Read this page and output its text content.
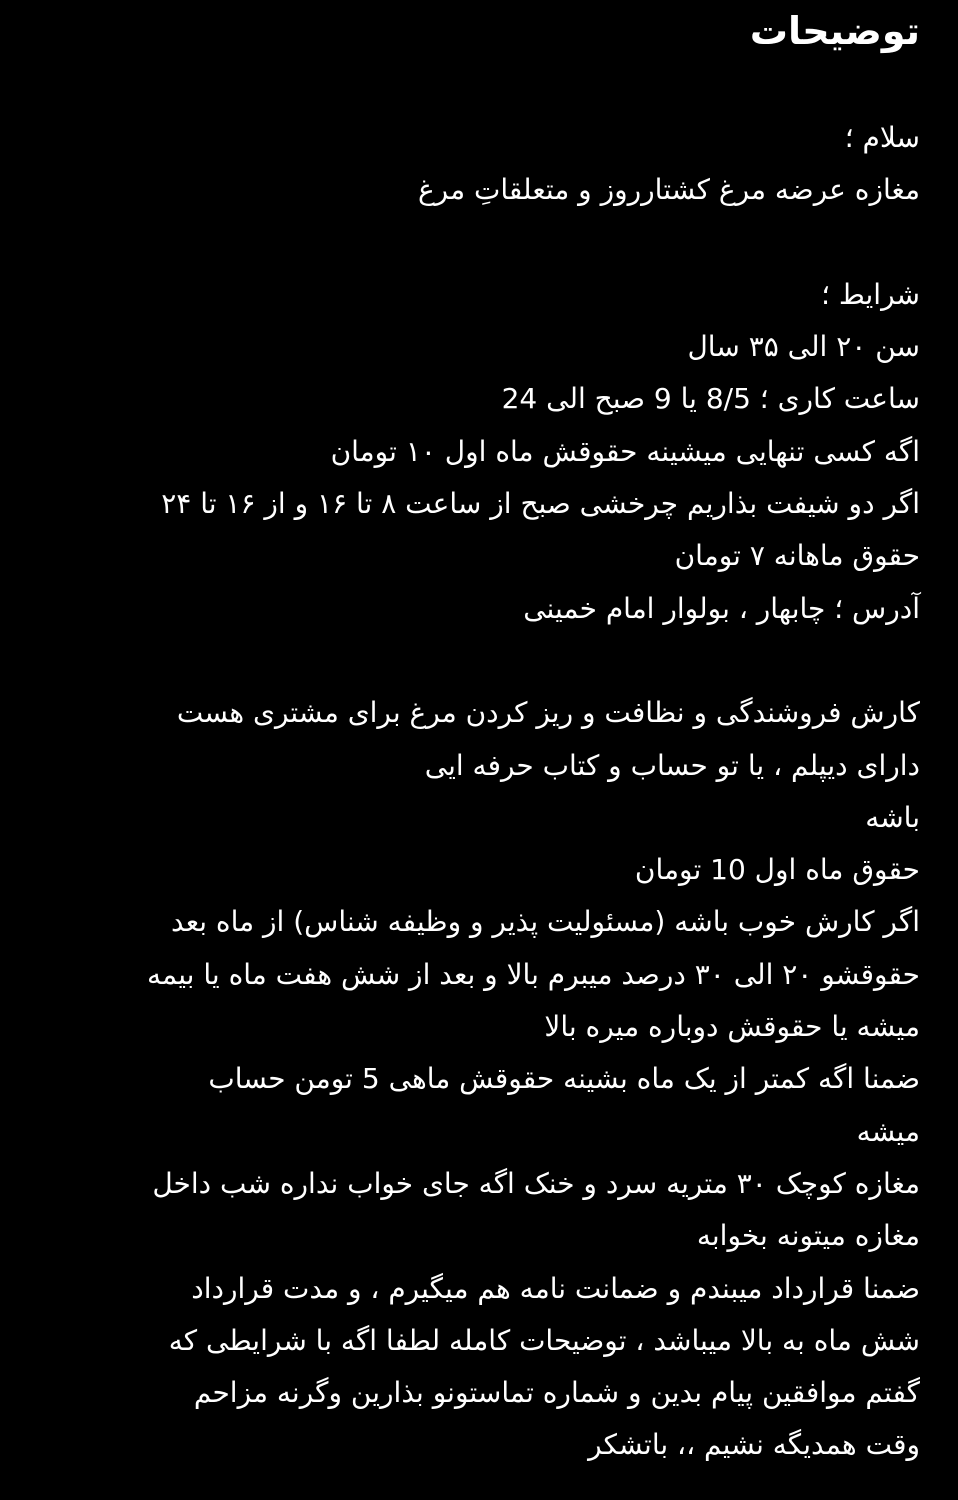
توضیحات
سلام ؛
مغازه عرضه مرغ کشتارروز و متعلقاتِ مرغ
شرایط ؛
سن ۲۰ الی ۳۵ سال
ساعت کاری ؛ 8/5 یا 9 صبح الی 24
اگه کسی تنهایی میشینه حقوقش ماه اول ۱۰ تومان
اگر دو شیفت بذاریم چرخشی صبح از ساعت ۸ تا ۱۶ و از ۱۶ تا ۲۴
حقوق ماهانه ۷ تومان
آدرس ؛ چابهار ، بولوار امام خمینی
کارش فروشندگی و نظافت و ریز کردن مرغ برای مشتری هست
دارای دیپلم ، یا تو حساب و کتاب حرفه ایی
باشه
حقوق ماه اول 10 تومان
اگر کارش خوب باشه (مسئولیت پذیر و وظیفه شناس) از ماه بعد
حقوقشو ۲۰ الی ۳۰ درصد میبرم بالا و بعد از شش هفت ماه یا بیمه
میشه یا حقوقش دوباره میره بالا
ضمنا اگه کمتر از یک ماه بشینه حقوقش ماهی 5 تومن حساب
میشه
مغازه کوچک ۳۰ متریه سرد و خنک اگه جای خواب نداره شب داخل
مغازه میتونه بخوابه
ضمنا قرارداد میبندم و ضمانت نامه هم میگیرم ، و مدت قرارداد
شش ماه به بالا میباشد ، توضیحات کامله لطفا اگه با شرایطی که
گفتم موافقین پیام بدین و شماره تماستونو بذارین وگرنه مزاحم
وقت همدیگه نشیم ،، باتشکر
